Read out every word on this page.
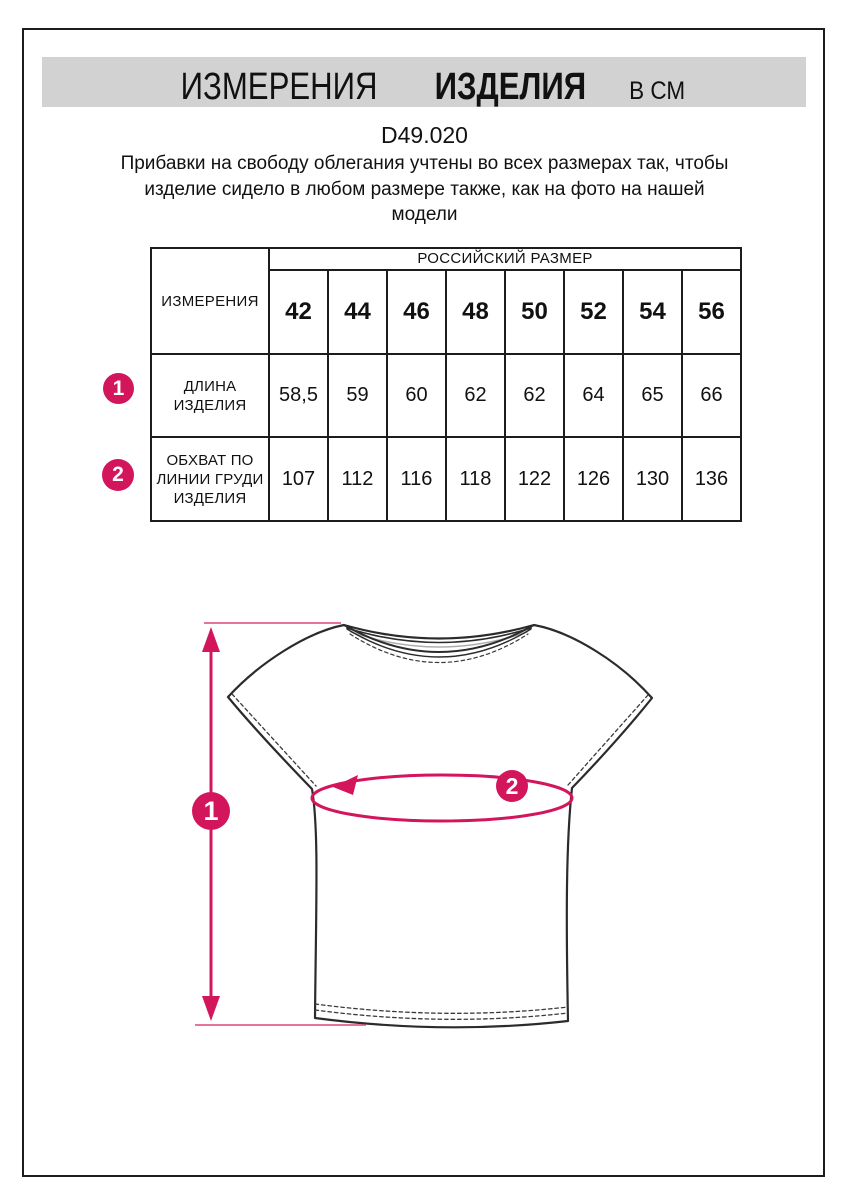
ИЗМЕРЕНИЯ ИЗДЕЛИЯ В СМ
D49.020
Прибавки на свободу облегания учтены во всех размерах так, чтобы
изделие сидело в любом размере также, как на фото на нашей
модели
ИЗМЕРЕНИЯ	РОССИЙСКИЙ РАЗМЕР							
	42	44	46	48	50	52	54	56

ДЛИНА
ИЗДЕЛИЯ	58,5	59	60	62	62	64	65	66

ОБХВАТ ПО
ЛИНИИ ГРУДИ
ИЗДЕЛИЯ	107	112	116	118	122	126	130	136
1
2
1
2
